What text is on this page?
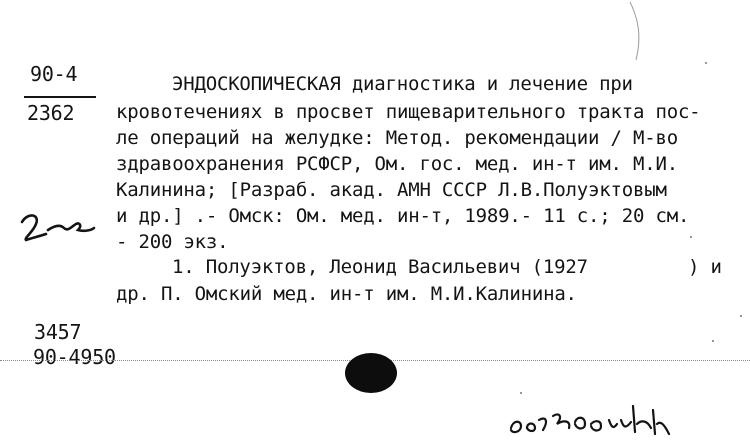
90-4
2362
ЭНДОСКОПИЧЕСКАЯ диагностика и лечение при
кровотечениях в просвет пищеварительного тракта пос-
ле операций на желудке: Метод. рекомендации / М-во
здравоохранения РСФСР, Ом. гос. мед. ин-т им. М.И.
Калинина; [Разраб. акад. АМН СССР Л.В.Полуэктовым
и др.] .- Омск: Ом. мед. ин-т, 1989.- 11 с.; 20 см.
- 200 экз.
1. Полуэктов, Леонид Васильевич (1927	) и
др. П. Омский мед. ин-т им. М.И.Калинина.
3457
90-4950
